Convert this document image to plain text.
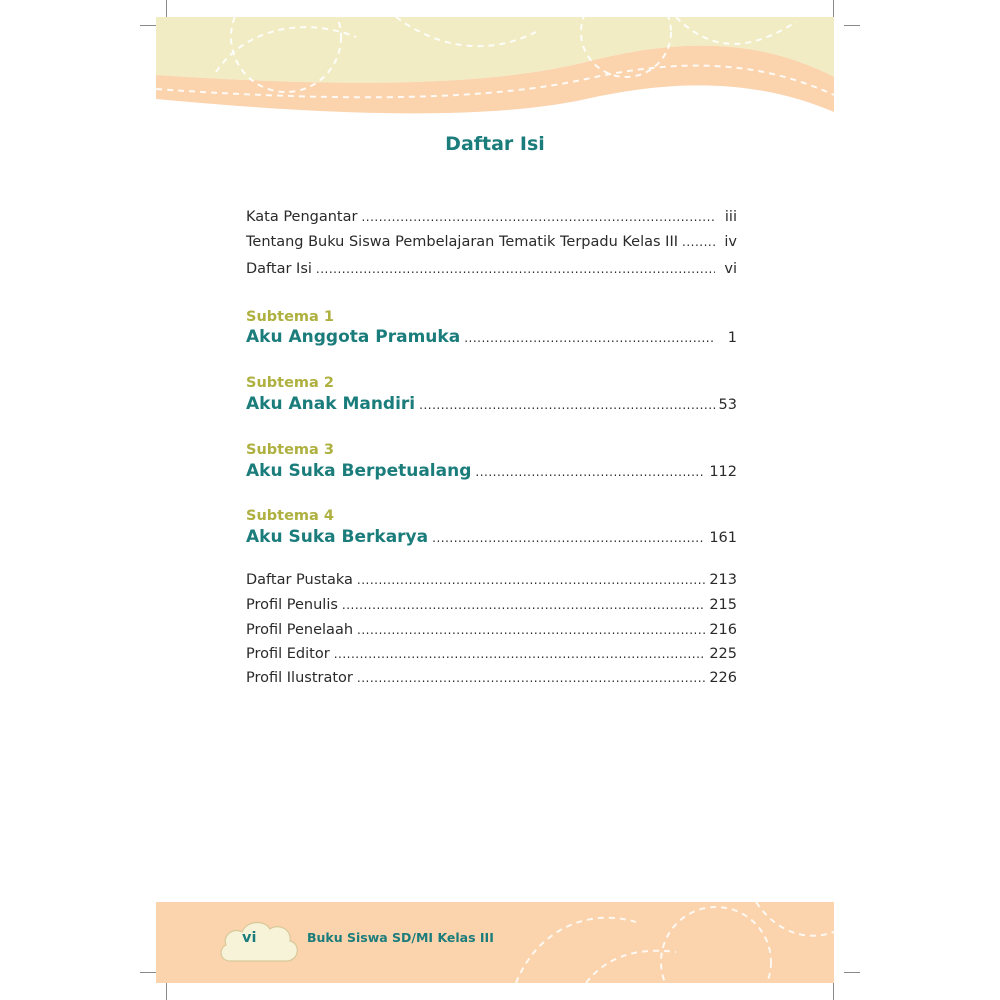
Daftar Isi
Kata Pengantar .....	iii
Tentang Buku Siswa Pembelajaran Tematik Terpadu Kelas III .....	iv
Daftar Isi .....	vi
Subtema 1
Aku Anggota Pramuka .....	1
Subtema 2
Aku Anak Mandiri .....	53
Subtema 3
Aku Suka Berpetualang .....	112
Subtema 4
Aku Suka Berkarya .....	161
Daftar Pustaka .....	213
Profil Penulis .....	215
Profil Penelaah .....	216
Profil Editor .....	225
Profil Ilustrator .....	226
vi	Buku Siswa SD/MI Kelas III
